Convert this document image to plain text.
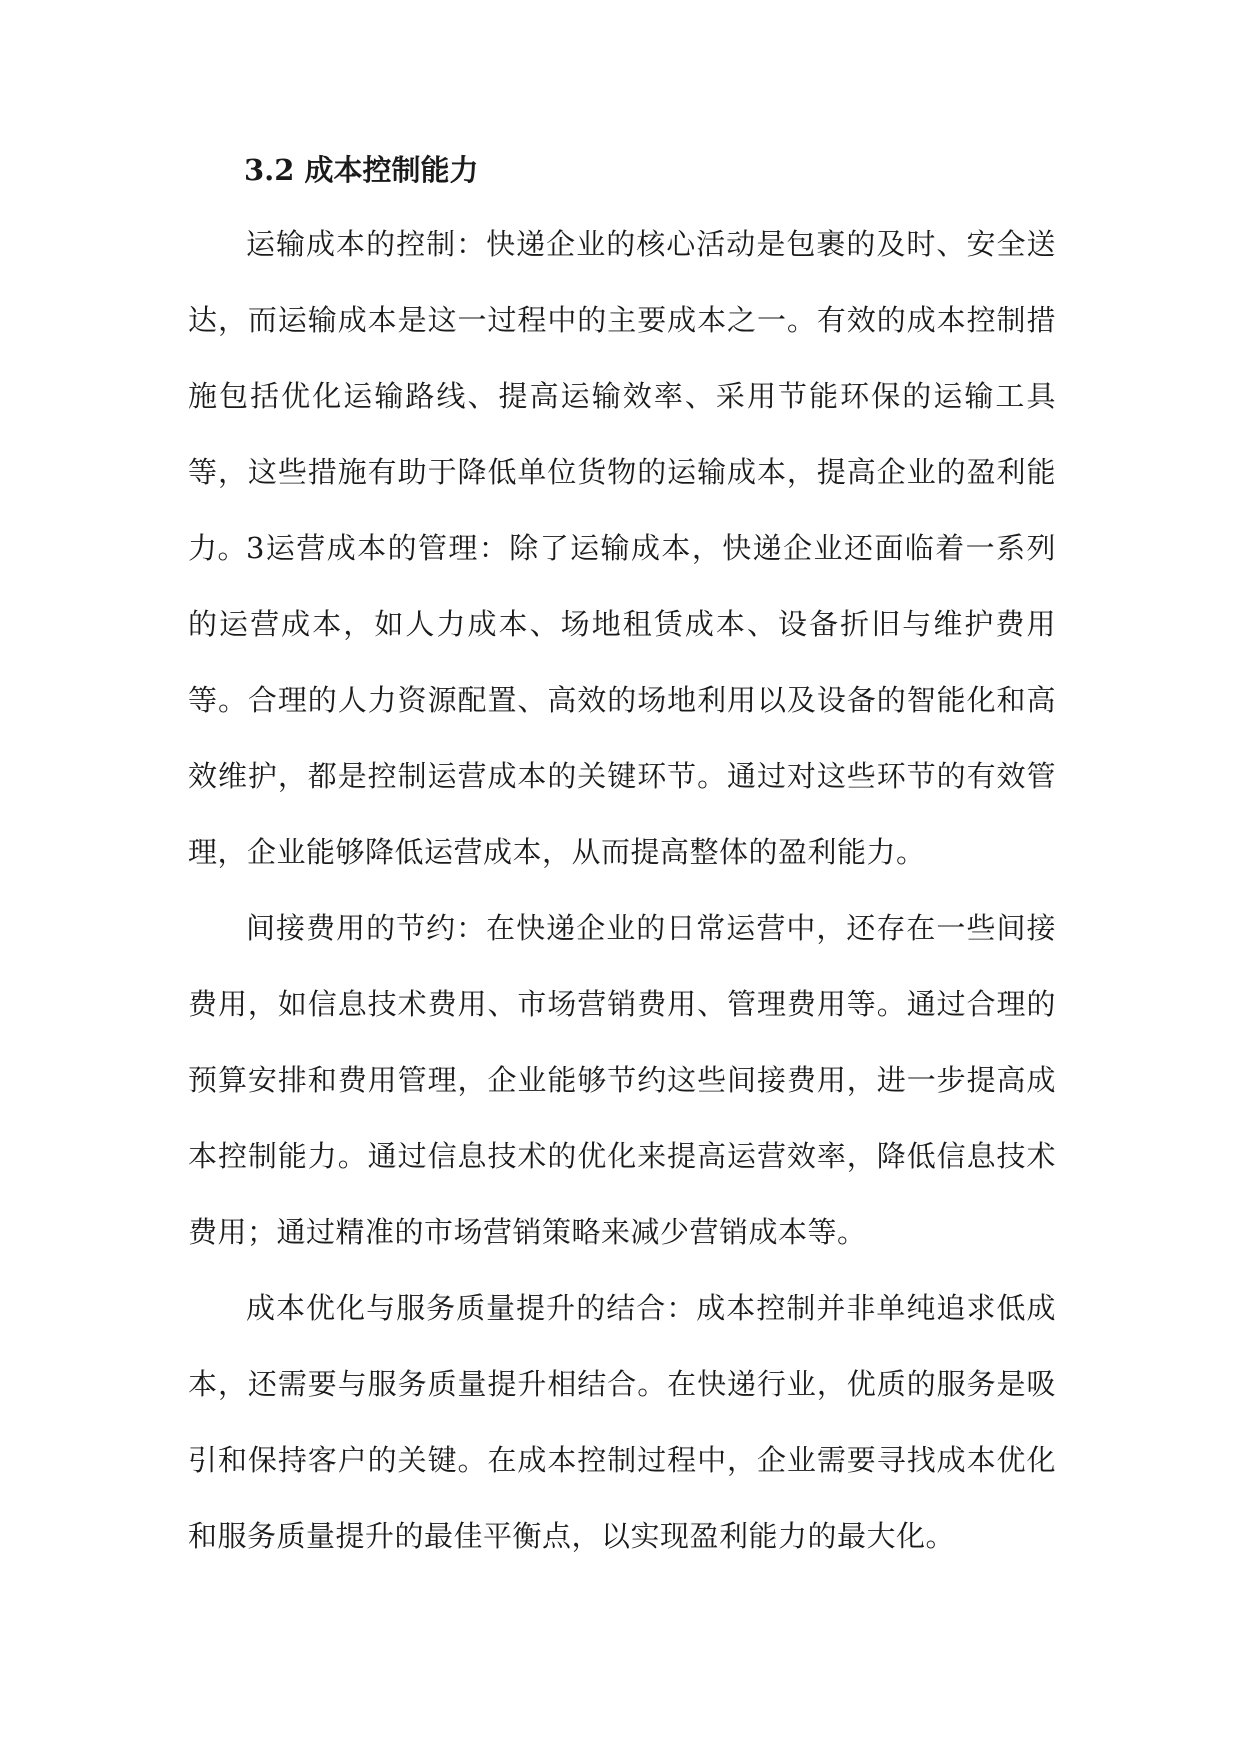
3.2 成本控制能力

运输成本的控制：快递企业的核心活动是包裹的及时、安全送达，而运输成本是这一过程中的主要成本之一。有效的成本控制措施包括优化运输路线、提高运输效率、采用节能环保的运输工具等，这些措施有助于降低单位货物的运输成本，提高企业的盈利能力。

3运营成本的管理：除了运输成本，快递企业还面临着一系列的运营成本，如人力成本、场地租赁成本、设备折旧与维护费用等。合理的人力资源配置、高效的场地利用以及设备的智能化和高效维护，都是控制运营成本的关键环节。通过对这些环节的有效管理，企业能够降低运营成本，从而提高整体的盈利能力。

间接费用的节约：在快递企业的日常运营中，还存在一些间接费用，如信息技术费用、市场营销费用、管理费用等。通过合理的预算安排和费用管理，企业能够节约这些间接费用，进一步提高成本控制能力。通过信息技术的优化来提高运营效率，降低信息技术费用；通过精准的市场营销策略来减少营销成本等。

成本优化与服务质量提升的结合：成本控制并非单纯追求低成本，还需要与服务质量提升相结合。在快递行业，优质的服务是吸引和保持客户的关键。在成本控制过程中，企业需要寻找成本优化和服务质量提升的最佳平衡点，以实现盈利能力的最大化。
